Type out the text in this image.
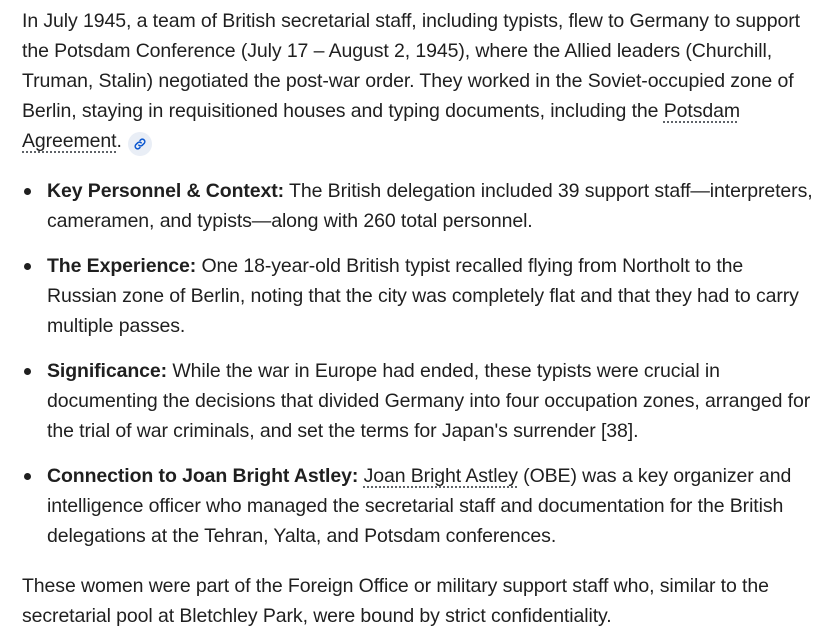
In July 1945, a team of British secretarial staff, including typists, flew to Germany to support the Potsdam Conference (July 17 – August 2, 1945), where the Allied leaders (Churchill, Truman, Stalin) negotiated the post-war order. They worked in the Soviet-occupied zone of Berlin, staying in requisitioned houses and typing documents, including the Potsdam Agreement.

Key Personnel & Context: The British delegation included 39 support staff—interpreters, cameramen, and typists—along with 260 total personnel.
The Experience: One 18-year-old British typist recalled flying from Northolt to the Russian zone of Berlin, noting that the city was completely flat and that they had to carry multiple passes.
Significance: While the war in Europe had ended, these typists were crucial in documenting the decisions that divided Germany into four occupation zones, arranged for the trial of war criminals, and set the terms for Japan's surrender [38].
Connection to Joan Bright Astley: Joan Bright Astley (OBE) was a key organizer and intelligence officer who managed the secretarial staff and documentation for the British delegations at the Tehran, Yalta, and Potsdam conferences.

These women were part of the Foreign Office or military support staff who, similar to the secretarial pool at Bletchley Park, were bound by strict confidentiality.
